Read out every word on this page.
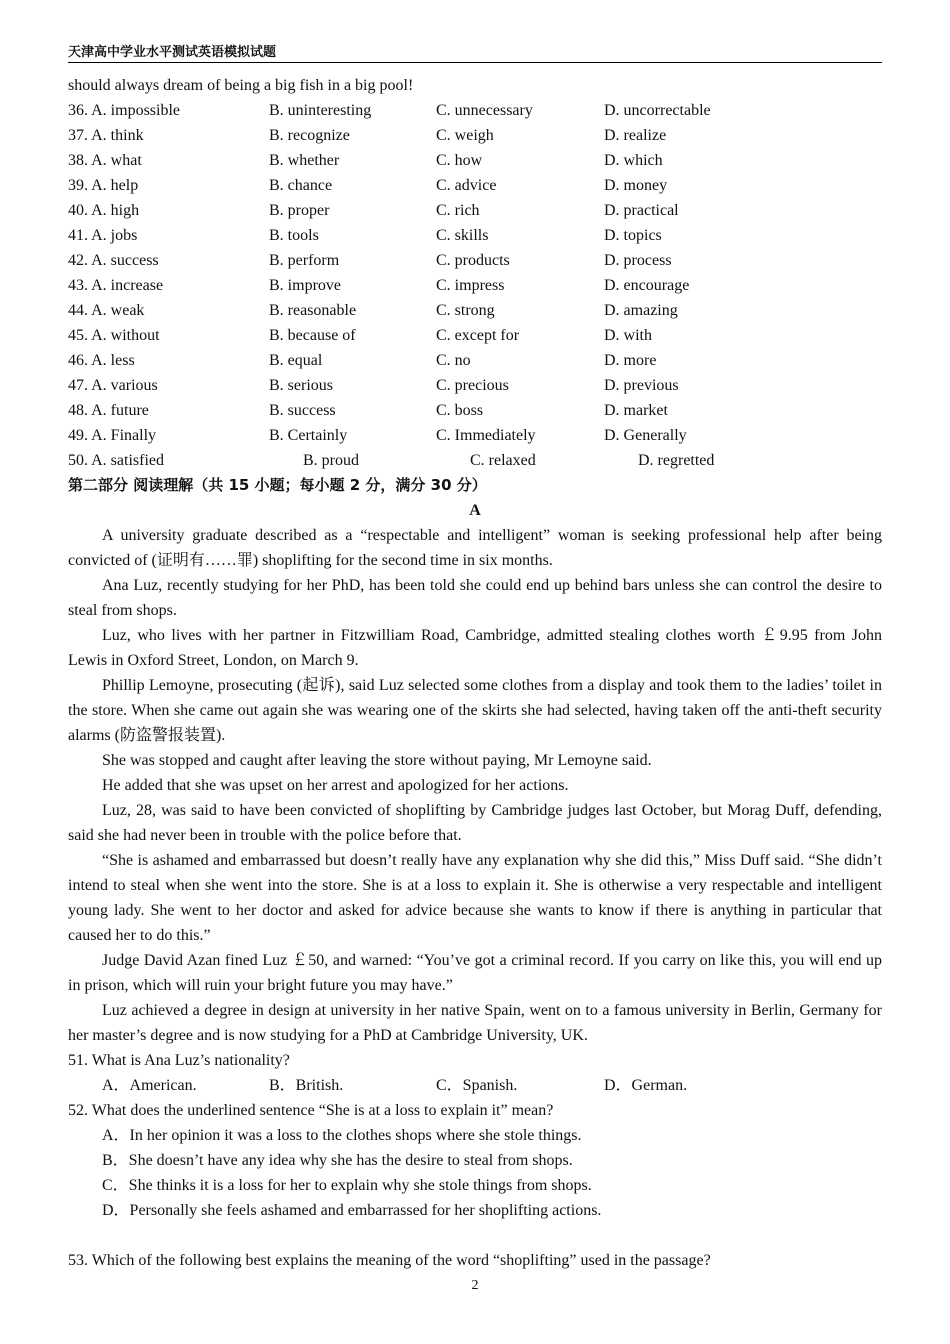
天津高中学业水平测试英语模拟试题
should always dream of being a big fish in a big pool!
36. A. impossible	B. uninteresting	C. unnecessary	D. uncorrectable
37. A. think	B. recognize	C. weigh	D. realize
38. A. what	B. whether	C. how	D. which
39. A. help	B. chance	C. advice	D. money
40. A. high	B. proper	C. rich	D. practical
41. A. jobs	B. tools	C. skills	D. topics
42. A. success	B. perform	C. products	D. process
43. A. increase	B. improve	C. impress	D. encourage
44. A. weak	B. reasonable	C. strong	D. amazing
45. A. without	B. because of	C. except for	D. with
46. A. less	B. equal	C. no	D. more
47. A. various	B. serious	C. precious	D. previous
48. A. future	B. success	C. boss	D. market
49. A. Finally	B. Certainly	C. Immediately	D. Generally
50. A. satisfied	B. proud	C. relaxed	D. regretted
第二部分 阅读理解（共 15 小题；每小题 2 分，满分 30 分）
A

A university graduate described as a “respectable and intelligent” woman is seeking professional help after being convicted of (证明有……罪) shoplifting for the second time in six months.

Ana Luz, recently studying for her PhD, has been told she could end up behind bars unless she can control the desire to steal from shops.

Luz, who lives with her partner in Fitzwilliam Road, Cambridge, admitted stealing clothes worth ￡9.95 from John Lewis in Oxford Street, London, on March 9.

Phillip Lemoyne, prosecuting (起诉), said Luz selected some clothes from a display and took them to the ladies’ toilet in the store. When she came out again she was wearing one of the skirts she had selected, having taken off the anti-theft security alarms (防盗警报装置).

She was stopped and caught after leaving the store without paying, Mr Lemoyne said.

He added that she was upset on her arrest and apologized for her actions.

Luz, 28, was said to have been convicted of shoplifting by Cambridge judges last October, but Morag Duff, defending, said she had never been in trouble with the police before that.

“She is ashamed and embarrassed but doesn’t really have any explanation why she did this,” Miss Duff said. “She didn’t intend to steal when she went into the store. She is at a loss to explain it. She is otherwise a very respectable and intelligent young lady. She went to her doctor and asked for advice because she wants to know if there is anything in particular that caused her to do this.”

Judge David Azan fined Luz ￡50, and warned: “You’ve got a criminal record. If you carry on like this, you will end up in prison, which will ruin your bright future you may have.”

Luz achieved a degree in design at university in her native Spain, went on to a famous university in Berlin, Germany for her master’s degree and is now studying for a PhD at Cambridge University, UK.

51. What is Ana Luz’s nationality?

A．American.	B．British.	C．Spanish.	D．German.

52. What does the underlined sentence “She is at a loss to explain it” mean?

A．In her opinion it was a loss to the clothes shops where she stole things.
B．She doesn’t have any idea why she has the desire to steal from shops.
C．She thinks it is a loss for her to explain why she stole things from shops.
D．Personally she feels ashamed and embarrassed for her shoplifting actions.

53. Which of the following best explains the meaning of the word “shoplifting” used in the passage?

2
